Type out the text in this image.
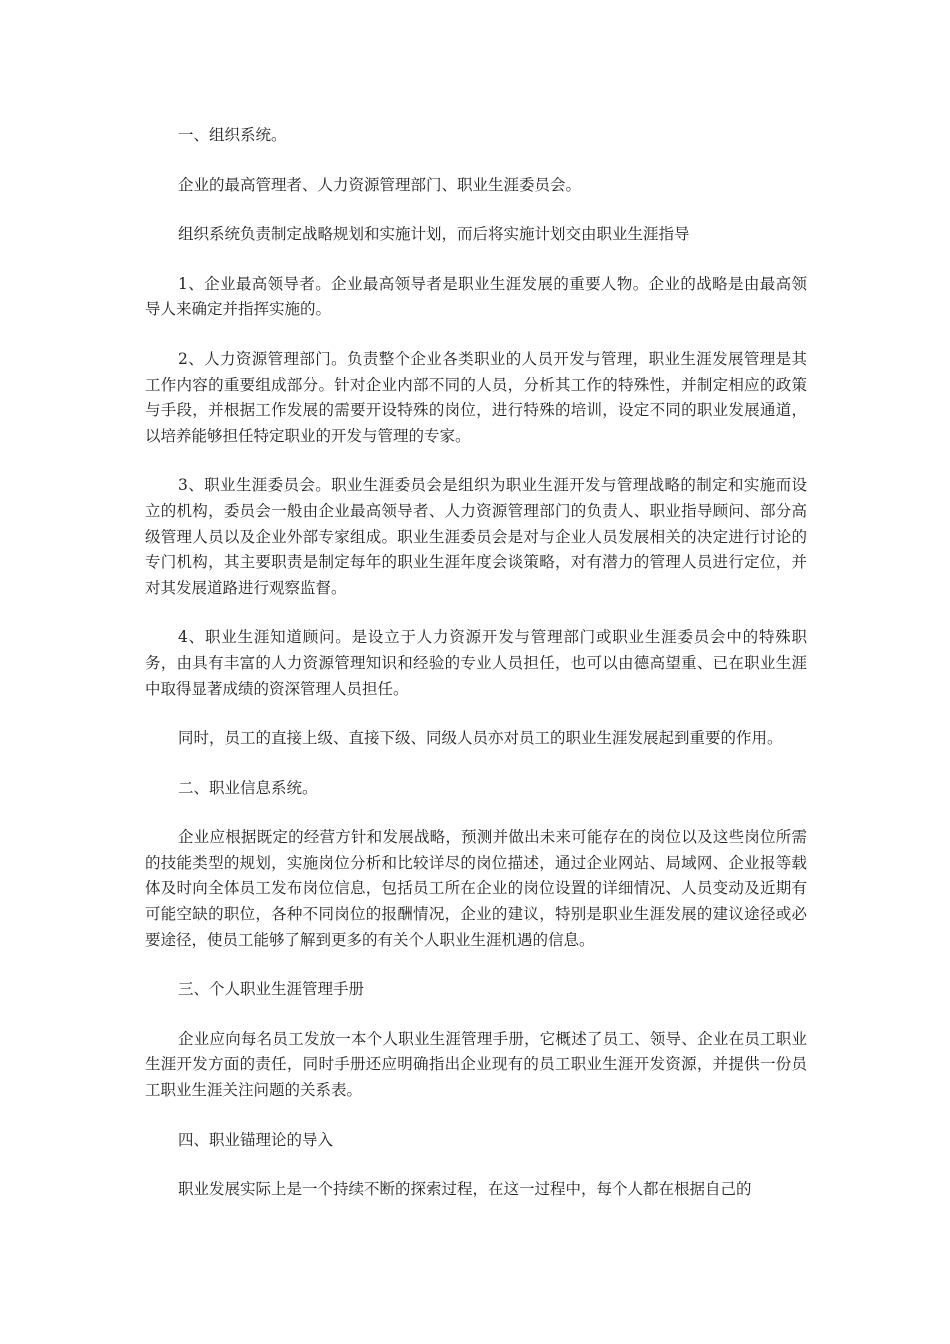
一、组织系统。

企业的最高管理者、人力资源管理部门、职业生涯委员会。

组织系统负责制定战略规划和实施计划，而后将实施计划交由职业生涯指导

1、企业最高领导者。企业最高领导者是职业生涯发展的重要人物。企业的战略是由最高领导人来确定并指挥实施的。

2、人力资源管理部门。负责整个企业各类职业的人员开发与管理，职业生涯发展管理是其工作内容的重要组成部分。针对企业内部不同的人员，分析其工作的特殊性，并制定相应的政策与手段，并根据工作发展的需要开设特殊的岗位，进行特殊的培训，设定不同的职业发展通道，以培养能够担任特定职业的开发与管理的专家。

3、职业生涯委员会。职业生涯委员会是组织为职业生涯开发与管理战略的制定和实施而设立的机构，委员会一般由企业最高领导者、人力资源管理部门的负责人、职业指导顾问、部分高级管理人员以及企业外部专家组成。职业生涯委员会是对与企业人员发展相关的决定进行讨论的专门机构，其主要职责是制定每年的职业生涯年度会谈策略，对有潜力的管理人员进行定位，并对其发展道路进行观察监督。

4、职业生涯知道顾问。是设立于人力资源开发与管理部门或职业生涯委员会中的特殊职务，由具有丰富的人力资源管理知识和经验的专业人员担任，也可以由德高望重、已在职业生涯中取得显著成绩的资深管理人员担任。

同时，员工的直接上级、直接下级、同级人员亦对员工的职业生涯发展起到重要的作用。

二、职业信息系统。

企业应根据既定的经营方针和发展战略，预测并做出未来可能存在的岗位以及这些岗位所需的技能类型的规划，实施岗位分析和比较详尽的岗位描述，通过企业网站、局域网、企业报等载体及时向全体员工发布岗位信息，包括员工所在企业的岗位设置的详细情况、人员变动及近期有可能空缺的职位，各种不同岗位的报酬情况，企业的建议，特别是职业生涯发展的建议途径或必要途径，使员工能够了解到更多的有关个人职业生涯机遇的信息。

三、个人职业生涯管理手册

企业应向每名员工发放一本个人职业生涯管理手册，它概述了员工、领导、企业在员工职业生涯开发方面的责任，同时手册还应明确指出企业现有的员工职业生涯开发资源，并提供一份员工职业生涯关注问题的关系表。

四、职业锚理论的导入

职业发展实际上是一个持续不断的探索过程，在这一过程中，每个人都在根据自己的
